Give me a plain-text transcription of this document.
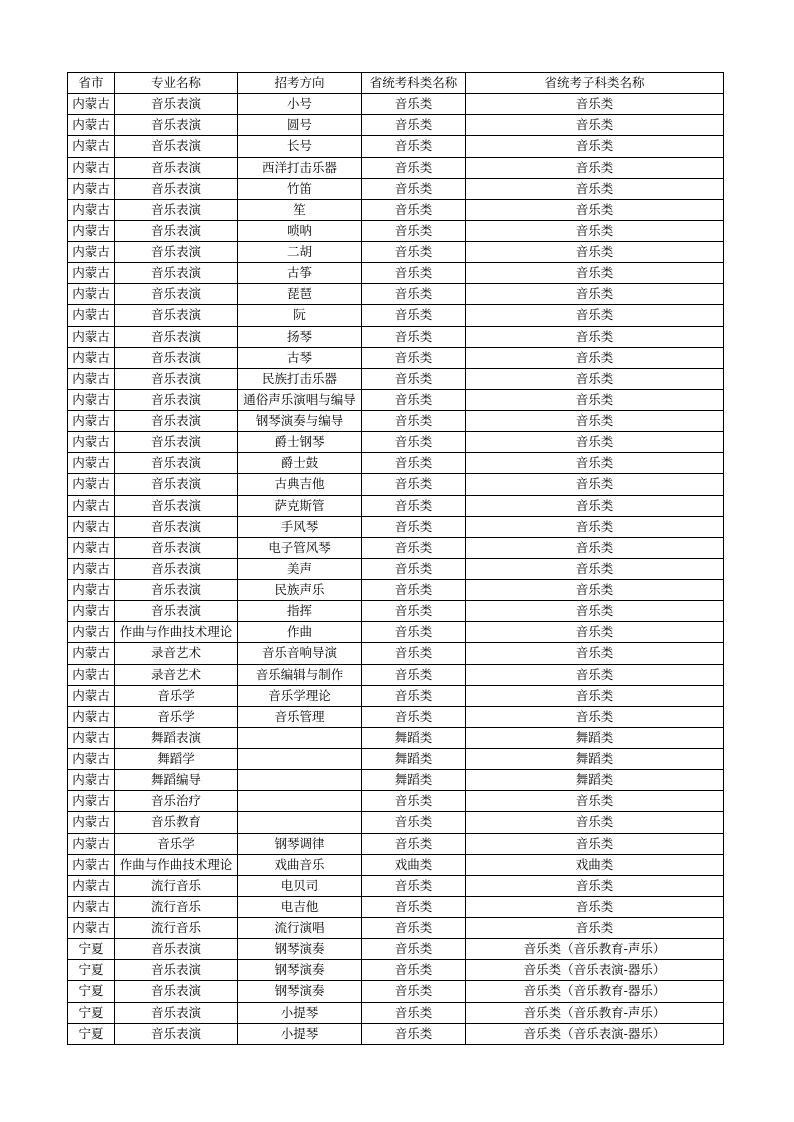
省市	专业名称	招考方向	省统考科类名称	省统考子科类名称
内蒙古	音乐表演	小号	音乐类	音乐类
内蒙古	音乐表演	圆号	音乐类	音乐类
内蒙古	音乐表演	长号	音乐类	音乐类
内蒙古	音乐表演	西洋打击乐器	音乐类	音乐类
内蒙古	音乐表演	竹笛	音乐类	音乐类
内蒙古	音乐表演	笙	音乐类	音乐类
内蒙古	音乐表演	唢呐	音乐类	音乐类
内蒙古	音乐表演	二胡	音乐类	音乐类
内蒙古	音乐表演	古筝	音乐类	音乐类
内蒙古	音乐表演	琵琶	音乐类	音乐类
内蒙古	音乐表演	阮	音乐类	音乐类
内蒙古	音乐表演	扬琴	音乐类	音乐类
内蒙古	音乐表演	古琴	音乐类	音乐类
内蒙古	音乐表演	民族打击乐器	音乐类	音乐类
内蒙古	音乐表演	通俗声乐演唱与编导	音乐类	音乐类
内蒙古	音乐表演	钢琴演奏与编导	音乐类	音乐类
内蒙古	音乐表演	爵士钢琴	音乐类	音乐类
内蒙古	音乐表演	爵士鼓	音乐类	音乐类
内蒙古	音乐表演	古典吉他	音乐类	音乐类
内蒙古	音乐表演	萨克斯管	音乐类	音乐类
内蒙古	音乐表演	手风琴	音乐类	音乐类
内蒙古	音乐表演	电子管风琴	音乐类	音乐类
内蒙古	音乐表演	美声	音乐类	音乐类
内蒙古	音乐表演	民族声乐	音乐类	音乐类
内蒙古	音乐表演	指挥	音乐类	音乐类
内蒙古	作曲与作曲技术理论	作曲	音乐类	音乐类
内蒙古	录音艺术	音乐音响导演	音乐类	音乐类
内蒙古	录音艺术	音乐编辑与制作	音乐类	音乐类
内蒙古	音乐学	音乐学理论	音乐类	音乐类
内蒙古	音乐学	音乐管理	音乐类	音乐类
内蒙古	舞蹈表演		舞蹈类	舞蹈类
内蒙古	舞蹈学		舞蹈类	舞蹈类
内蒙古	舞蹈编导		舞蹈类	舞蹈类
内蒙古	音乐治疗		音乐类	音乐类
内蒙古	音乐教育		音乐类	音乐类
内蒙古	音乐学	钢琴调律	音乐类	音乐类
内蒙古	作曲与作曲技术理论	戏曲音乐	戏曲类	戏曲类
内蒙古	流行音乐	电贝司	音乐类	音乐类
内蒙古	流行音乐	电吉他	音乐类	音乐类
内蒙古	流行音乐	流行演唱	音乐类	音乐类
宁夏	音乐表演	钢琴演奏	音乐类	音乐类（音乐教育-声乐）
宁夏	音乐表演	钢琴演奏	音乐类	音乐类（音乐表演-器乐）
宁夏	音乐表演	钢琴演奏	音乐类	音乐类（音乐教育-器乐）
宁夏	音乐表演	小提琴	音乐类	音乐类（音乐教育-声乐）
宁夏	音乐表演	小提琴	音乐类	音乐类（音乐表演-器乐）
